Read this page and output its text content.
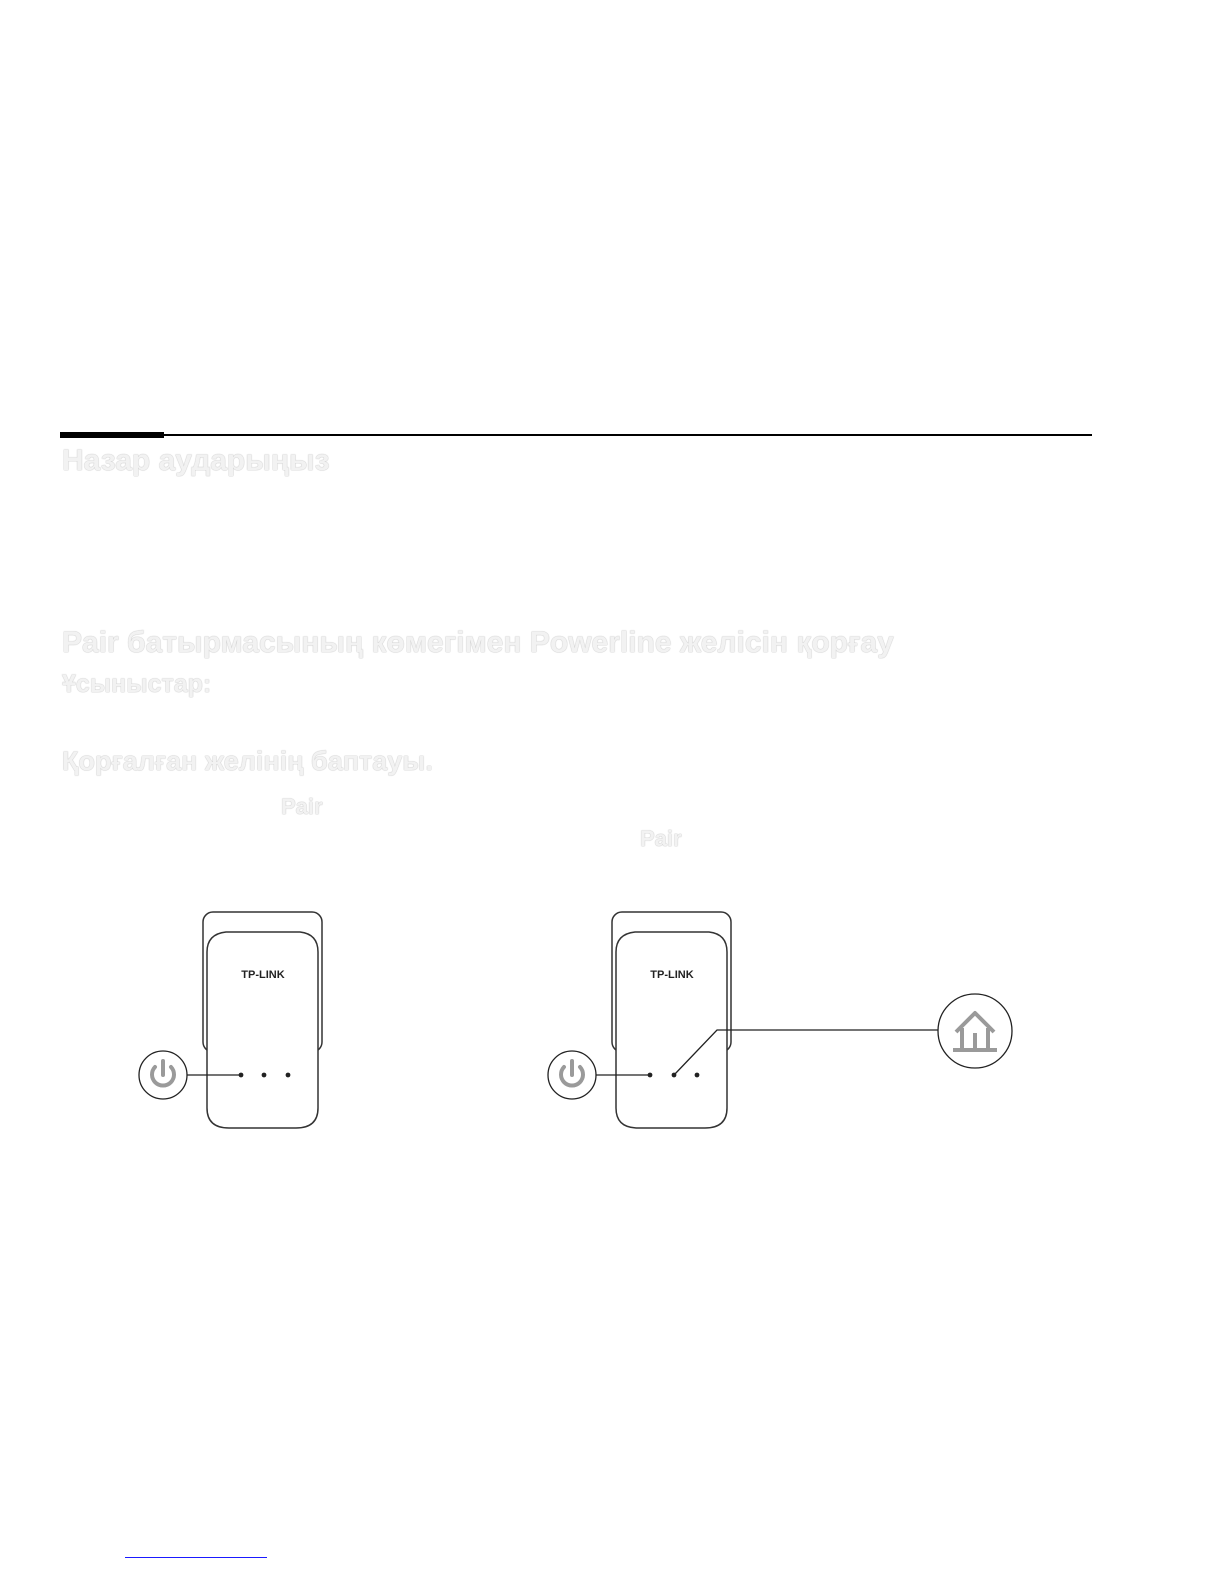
Назар аударыңыз

Pair батырмасының көмегімен Powerline желісін қорғау

Ұсыныстар:

Қорғалған желінің баптауы.

Pair

Pair

TP-LINK	TP-LINK
